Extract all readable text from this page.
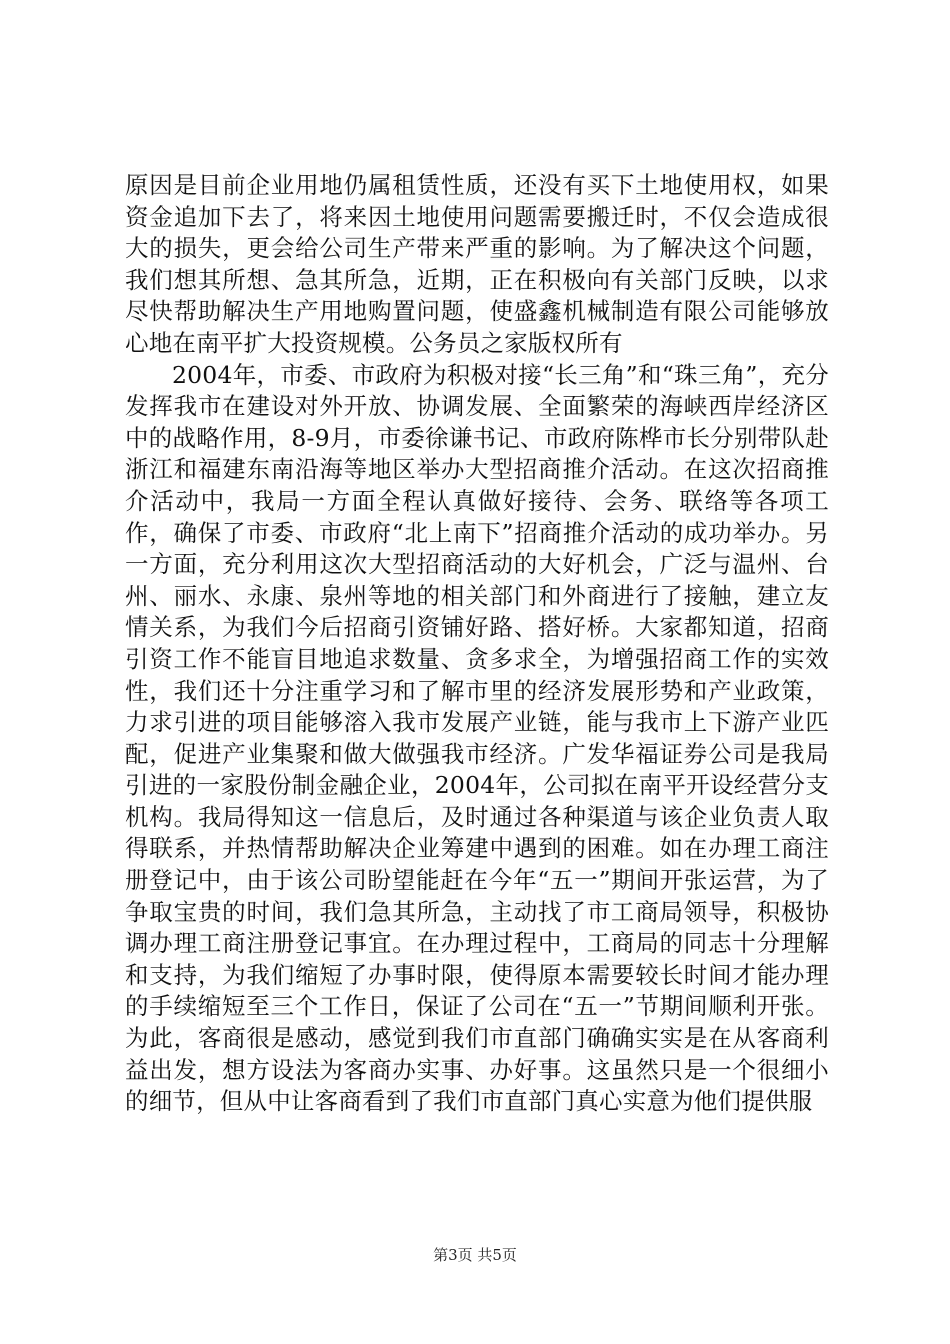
原因是目前企业用地仍属租赁性质，还没有买下土地使用权，如果资金追加下去了，将来因土地使用问题需要搬迁时，不仅会造成很大的损失，更会给公司生产带来严重的影响。为了解决这个问题，我们想其所想、急其所急，近期，正在积极向有关部门反映，以求尽快帮助解决生产用地购置问题，使盛鑫机械制造有限公司能够放心地在南平扩大投资规模。公务员之家版权所有

2004年，市委、市政府为积极对接“长三角”和“珠三角”，充分发挥我市在建设对外开放、协调发展、全面繁荣的海峡西岸经济区中的战略作用，8-9月，市委徐谦书记、市政府陈桦市长分别带队赴浙江和福建东南沿海等地区举办大型招商推介活动。在这次招商推介活动中，我局一方面全程认真做好接待、会务、联络等各项工作，确保了市委、市政府“北上南下”招商推介活动的成功举办。另一方面，充分利用这次大型招商活动的大好机会，广泛与温州、台州、丽水、永康、泉州等地的相关部门和外商进行了接触，建立友情关系，为我们今后招商引资铺好路、搭好桥。大家都知道，招商引资工作不能盲目地追求数量、贪多求全，为增强招商工作的实效性，我们还十分注重学习和了解市里的经济发展形势和产业政策，力求引进的项目能够溶入我市发展产业链，能与我市上下游产业匹配，促进产业集聚和做大做强我市经济。广发华福证券公司是我局引进的一家股份制金融企业，2004年，公司拟在南平开设经营分支机构。我局得知这一信息后，及时通过各种渠道与该企业负责人取得联系，并热情帮助解决企业筹建中遇到的困难。如在办理工商注册登记中，由于该公司盼望能赶在今年“五一”期间开张运营，为了争取宝贵的时间，我们急其所急，主动找了市工商局领导，积极协调办理工商注册登记事宜。在办理过程中，工商局的同志十分理解和支持，为我们缩短了办事时限，使得原本需要较长时间才能办理的手续缩短至三个工作日，保证了公司在“五一”节期间顺利开张。为此，客商很是感动，感觉到我们市直部门确确实实是在从客商利益出发，想方设法为客商办实事、办好事。这虽然只是一个很细小的细节，但从中让客商看到了我们市直部门真心实意为他们提供服

第3页 共5页
